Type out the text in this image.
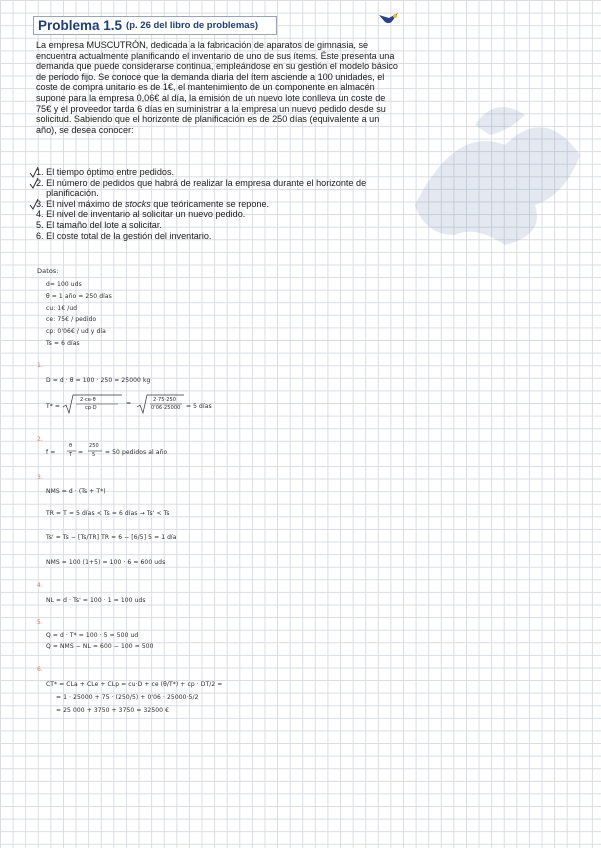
Problema 1.5 (p. 26 del libro de problemas)

La empresa MUSCUTRÓN, dedicada a la fabricación de aparatos de gimnasia, se encuentra actualmente planificando el inventario de uno de sus ítems. Éste presenta una demanda que puede considerarse continua, empleándose en su gestión el modelo básico de periodo fijo. Se conoce que la demanda diaria del ítem asciende a 100 unidades, el coste de compra unitario es de 1€, el mantenimiento de un componente en almacén supone para la empresa 0,06€ al día, la emisión de un nuevo lote conlleva un coste de 75€ y el proveedor tarda 6 días en suministrar a la empresa un nuevo pedido desde su solicitud. Sabiendo que el horizonte de planificación es de 250 días (equivalente a un año), se desea conocer:

1. El tiempo óptimo entre pedidos.
2. El número de pedidos que habrá de realizar la empresa durante el horizonte de planificación.
3. El nivel máximo de stocks que teóricamente se repone.
4. El nivel de inventario al solicitar un nuevo pedido.
5. El tamaño del lote a solicitar.
6. El coste total de la gestión del inventario.
Datos:
d= 100 uds
θ = 1 año = 250 días
cu: 1€ /ud
ce: 75€ / pedido
cp: 0'06€ / ud y día
Ts = 6 días
1.
D = d · θ = 100 · 250 = 25000 kg
T* =
2·ce·θ
cp·D
=	2·75·250
0'06·25000 = 5 días
2.
f =
θ
T =
250
5 = 50 pedidos al año
3.
NMS = d · (Ts + T*)
TR = T = 5 días < Ts = 6 días → Ts' < Ts
Ts' = Ts − [Ts/TR] TR = 6 − [6/5] 5 = 1 día
NMS = 100 (1+5) = 100 · 6 = 600 uds
4.
NL = d · Ts' = 100 · 1 = 100 uds
5.
Q = d · T* = 100 · 5 = 500 ud
Q = NMS − NL = 600 − 100 = 500
6.
CT* = CLa + CLe + CLp = cu·D + ce (θ/T*) + cp · DT/2 =
= 1 · 25000 + 75 · (250/5) + 0'06 · 25000·5/2
= 25 000 + 3750 + 3750 = 32500 €
